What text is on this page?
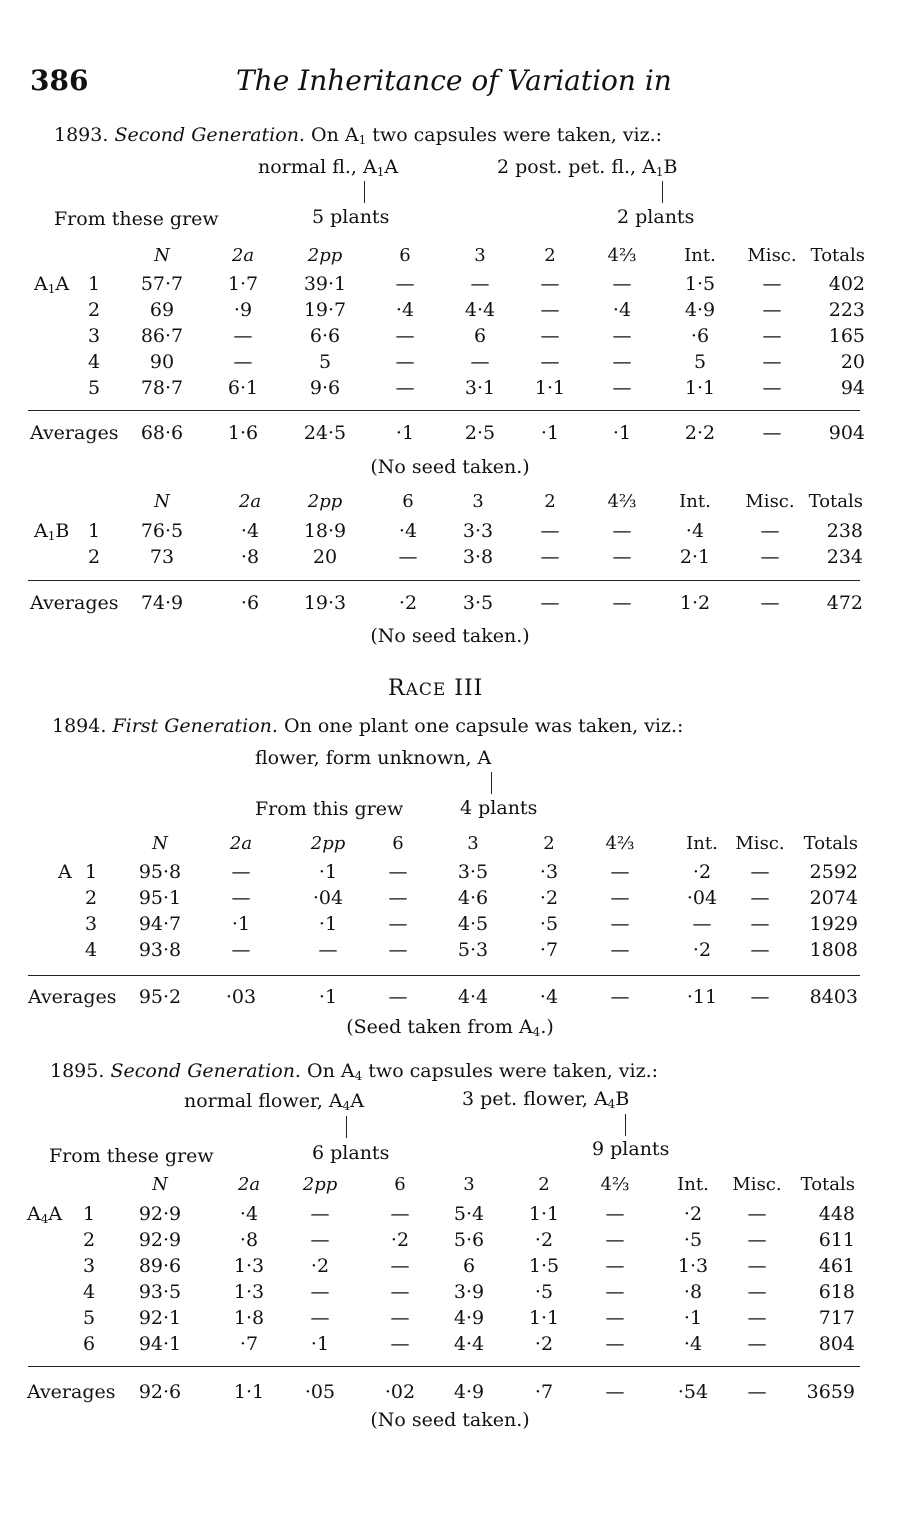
386	The Inheritance of Variation in
1893. Second Generation. On $A_1$ two capsules were taken, viz.:
normal fl., $A_1A$	2 post. pet. fl., $A_1B$
From these grew	5 plants	2 plants
N	2a	2pp	6	3	2	4⅔	Int.	Misc. Totals
$A_1A$ 1	57·7	1·7	39·1	—	—	—	—	1·5	—	402
2	69	·9	19·7	·4	4·4	—	·4	4·9	—	223
3	86·7	—	6·6	—	6	—	—	·6	—	165
4	90	—	5	—	—	—	—	5	—	20
5	78·7	6·1	9·6	—	3·1	1·1	—	1·1	—	94
Averages	68·6	1·6	24·5	·1	2·5	·1	·1	2·2	—	904
(No seed taken.)
N	2a	2pp	6	3	2	4⅔	Int.	Misc. Totals
$A_1B$ 1	76·5	·4	18·9	·4	3·3	—	—	·4	—	238
2	73	·8	20	—	3·8	—	—	2·1	—	234
Averages	74·9	·6	19·3	·2	3·5	—	—	1·2	—	472
(No seed taken.)
RACE III
1894. First Generation. On one plant one capsule was taken, viz.:
flower, form unknown, A
From this grew	4 plants
N	2a	2pp	6	3	2	4⅔	Int. Misc.	Totals
A 1	95·8	—	·1	—	3·5	·3	—	·2	—	2592
2	95·1	—	·04	—	4·6	·2	—	·04	—	2074
3	94·7	·1	·1	—	4·5	·5	—	—	—	1929
4	93·8	—	—	—	5·3	·7	—	·2	—	1808
Averages	95·2	·03	·1	—	4·4	·4	—	·11	—	8403
(Seed taken from $A_4$.)
1895. Second Generation. On $A_4$ two capsules were taken, viz.:
normal flower, $A_4A$	3 pet. flower, $A_4B$
From these grew	6 plants	9 plants
N	2a	2pp	6	3	2	4⅔	Int.	Misc.	Totals
$A_4A$ 1	92·9	·4	—	—	5·4	1·1	—	·2	—	448
2	92·9	·8	—	·2	5·6	·2	—	·5	—	611
3	89·6	1·3	·2	—	6	1·5	—	1·3	—	461
4	93·5	1·3	—	—	3·9	·5	—	·8	—	618
5	92·1	1·8	—	—	4·9	1·1	—	·1	—	717
6	94·1	·7	·1	—	4·4	·2	—	·4	—	804
Averages	92·6	1·1	·05	·02	4·9	·7	—	·54	—	3659
(No seed taken.)
